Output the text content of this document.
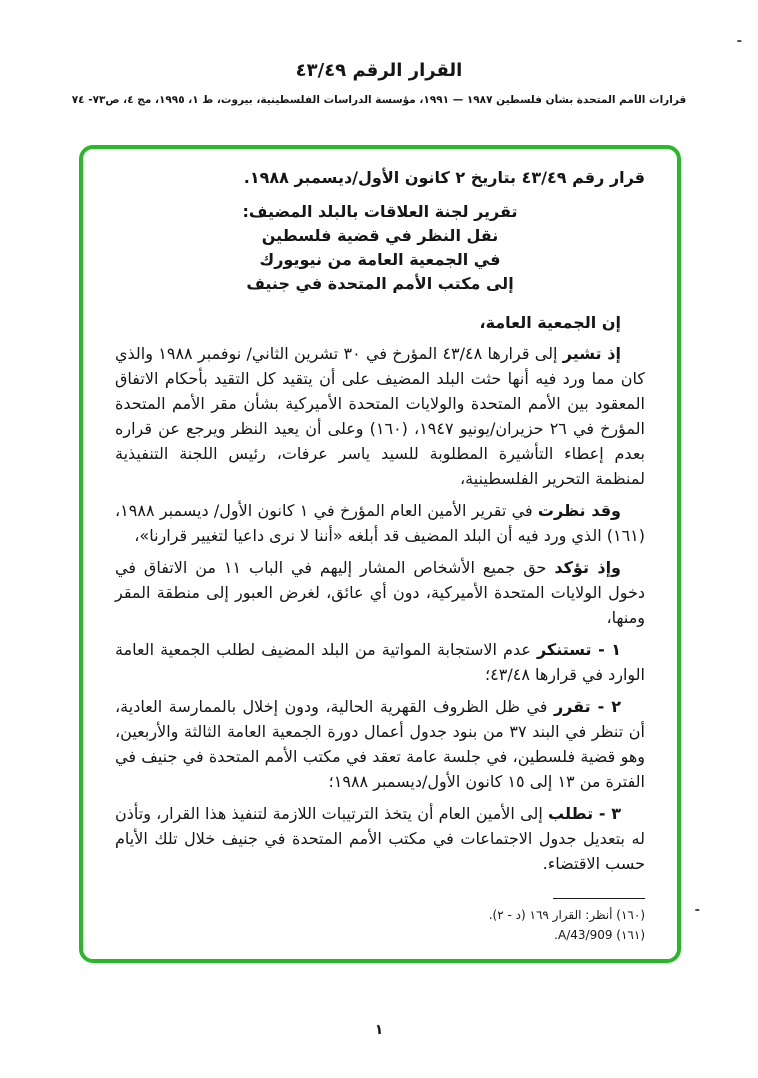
-
القرار الرقم ٤٣/٤٩
قرارات الأمم المتحدة بشأن فلسطين ١٩٨٧ — ١٩٩١، مؤسسة الدراسات الفلسطينية، بيروت، ط ١، ١٩٩٥، مج ٤، ص٧٣- ٧٤

قرار رقم ٤٣/٤٩ بتاريخ ٢ كانون الأول/ديسمبر ١٩٨٨.

تقرير لجنة العلاقات بالبلد المضيف:
نقل النظر في قضية فلسطين
في الجمعية العامة من نيويورك
إلى مكتب الأمم المتحدة في جنيف

إن الجمعية العامة،

إذ تشير إلى قرارها ٤٣/٤٨ المؤرخ في ٣٠ تشرين الثاني/ نوفمبر ١٩٨٨ والذي كان مما ورد فيه أنها حثت البلد المضيف على أن يتقيد كل التقيد بأحكام الاتفاق المعقود بين الأمم المتحدة والولايات المتحدة الأميركية بشأن مقر الأمم المتحدة المؤرخ في ٢٦ حزيران/يونيو ١٩٤٧، (١٦٠) وعلى أن يعيد النظر ويرجع عن قراره بعدم إعطاء التأشيرة المطلوبة للسيد ياسر عرفات، رئيس اللجنة التنفيذية لمنظمة التحرير الفلسطينية،

وقد نظرت في تقرير الأمين العام المؤرخ في ١ كانون الأول/ ديسمبر ١٩٨٨، (١٦١) الذي ورد فيه أن البلد المضيف قد أبلغه «أننا لا نرى داعيا لتغيير قرارنا»،

وإذ تؤكد حق جميع الأشخاص المشار إليهم في الباب ١١ من الاتفاق في دخول الولايات المتحدة الأميركية، دون أي عائق، لغرض العبور إلى منطقة المقر ومنها،

١ - تستنكر عدم الاستجابة المواتية من البلد المضيف لطلب الجمعية العامة الوارد في قرارها ٤٣/٤٨؛

٢ - تقرر في ظل الظروف القهرية الحالية، ودون إخلال بالممارسة العادية، أن تنظر في البند ٣٧ من بنود جدول أعمال دورة الجمعية العامة الثالثة والأربعين، وهو قضية فلسطين، في جلسة عامة تعقد في مكتب الأمم المتحدة في جنيف في الفترة من ١٣ إلى ١٥ كانون الأول/ديسمبر ١٩٨٨؛

٣ - تطلب إلى الأمين العام أن يتخذ الترتيبات اللازمة لتنفيذ هذا القرار، وتأذن له بتعديل جدول الاجتماعات في مكتب الأمم المتحدة في جنيف خلال تلك الأيام حسب الاقتضاء.

(١٦٠) أنظر: القرار ١٦٩ (د - ٢).
(١٦١) A/43/909.
-
١
